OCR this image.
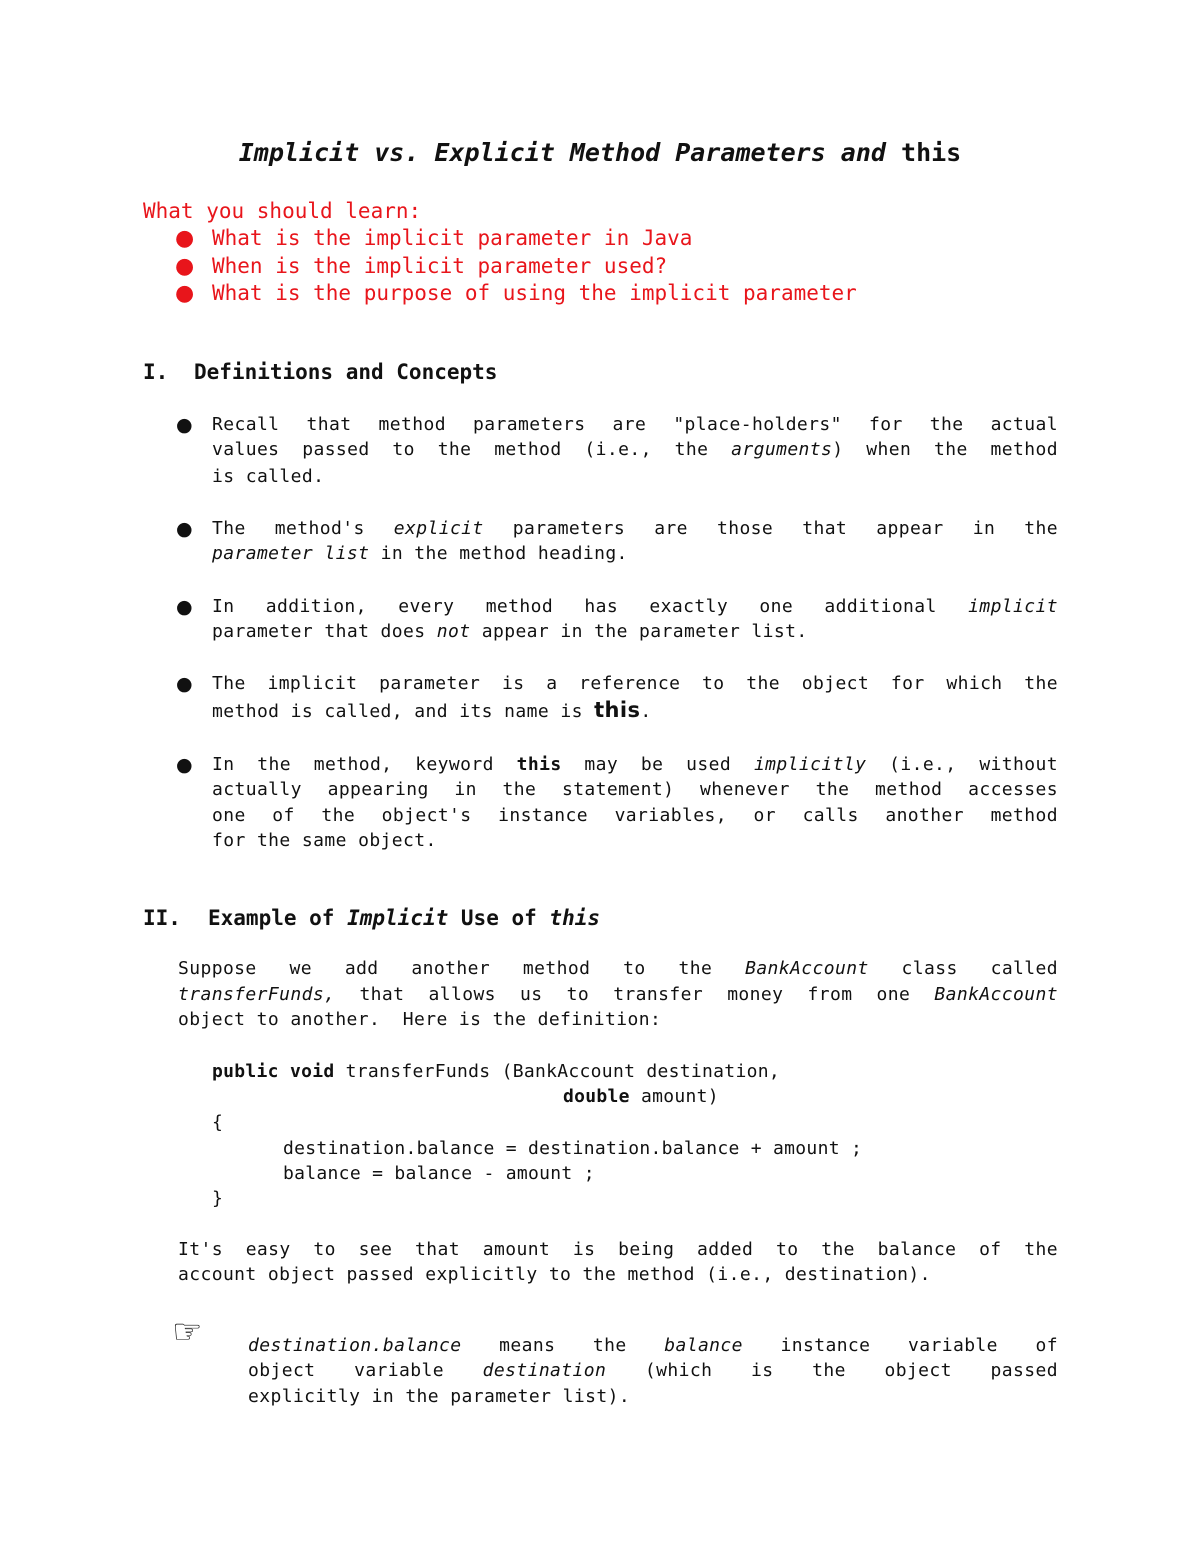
Implicit vs. Explicit Method Parameters and this
What you should learn:
● What is the implicit parameter in Java
● When is the implicit parameter used?
● What is the purpose of using the implicit parameter
I. Definitions and Concepts
● Recall that method parameters are "place-holders" for the actual
values passed to the method (i.e., the arguments) when the method
is called.
● The method's explicit parameters are those that appear in the
parameter list in the method heading.
● In addition, every method has exactly one additional implicit
parameter that does not appear in the parameter list.
● The implicit parameter is a reference to the object for which the
method is called, and its name is this.
● In the method, keyword this may be used implicitly (i.e., without
actually appearing in the statement) whenever the method accesses
one of the object's instance variables, or calls another method
for the same object.
II. Example of Implicit Use of this
Suppose we add another method to the BankAccount class called
transferFunds, that allows us to transfer money from one BankAccount
object to another.  Here is the definition:
public void transferFunds (BankAccount destination,
double amount)
{
destination.balance = destination.balance + amount ;
balance = balance - amount ;
}
It's easy to see that amount is being added to the balance of the
account object passed explicitly to the method (i.e., destination).
☞	destination.balance means the balance instance variable of
object variable destination (which is the object passed
explicitly in the parameter list).
